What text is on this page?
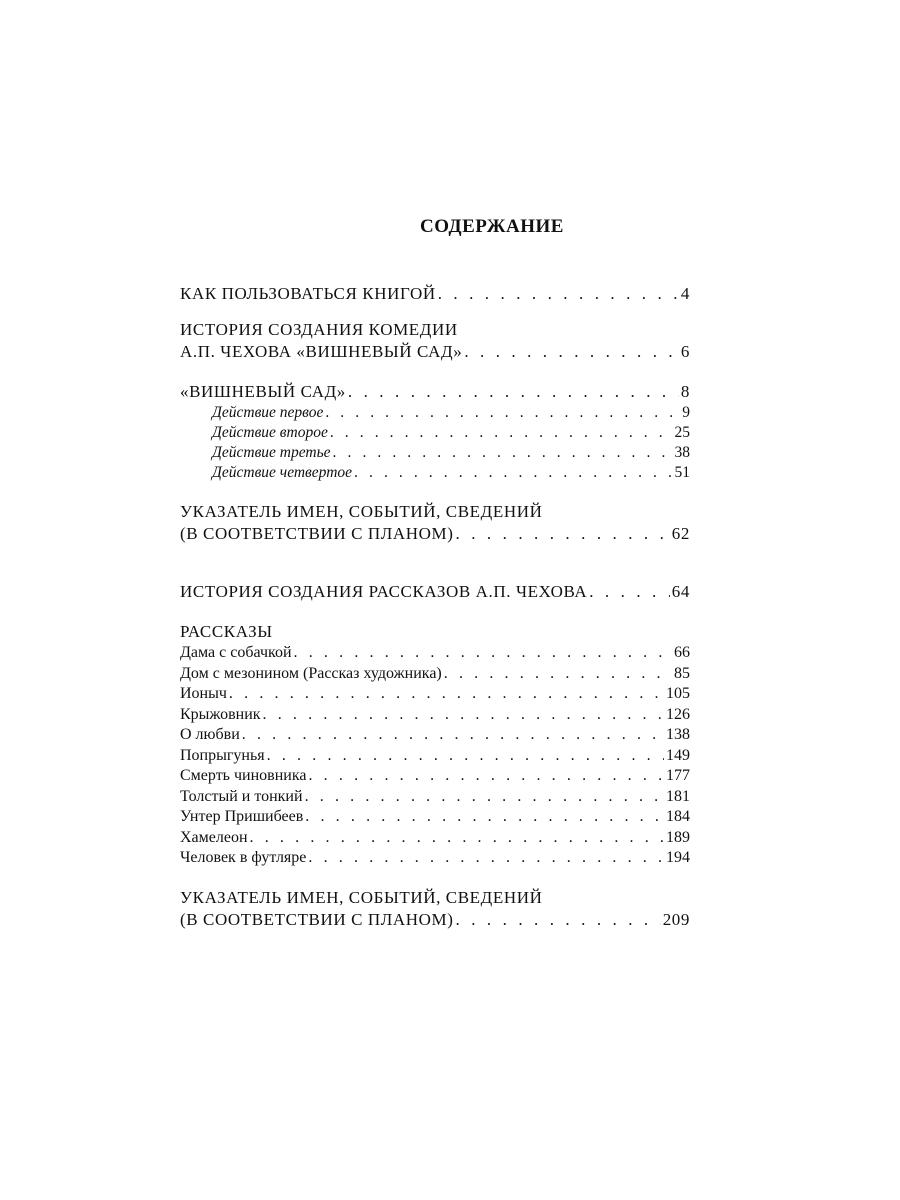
СОДЕРЖАНИЕ
КАК ПОЛЬЗОВАТЬСЯ КНИГОЙ . . .	4
ИСТОРИЯ СОЗДАНИЯ КОМЕДИИ
А.П. ЧЕХОВА «ВИШНЕВЫЙ САД» . . .	6
«ВИШНЕВЫЙ САД» . . .	8
Действие первое . . .	9
Действие второе . . .	25
Действие третье . . .	38
Действие четвертое . . .	51
УКАЗАТЕЛЬ ИМЕН, СОБЫТИЙ, СВЕДЕНИЙ
(В СООТВЕТСТВИИ С ПЛАНОМ) . . .	62
ИСТОРИЯ СОЗДАНИЯ РАССКАЗОВ А.П. ЧЕХОВА . . .	64
РАССКАЗЫ
Дама с собачкой . . .	66
Дом с мезонином (Рассказ художника) . . .	85
Ионыч . . .	105
Крыжовник . . .	126
О любви . . .	138
Попрыгунья . . .	149
Смерть чиновника . . .	177
Толстый и тонкий . . .	181
Унтер Пришибеев . . .	184
Хамелеон . . .	189
Человек в футляре . . .	194
УКАЗАТЕЛЬ ИМЕН, СОБЫТИЙ, СВЕДЕНИЙ
(В СООТВЕТСТВИИ С ПЛАНОМ) . . .	209
